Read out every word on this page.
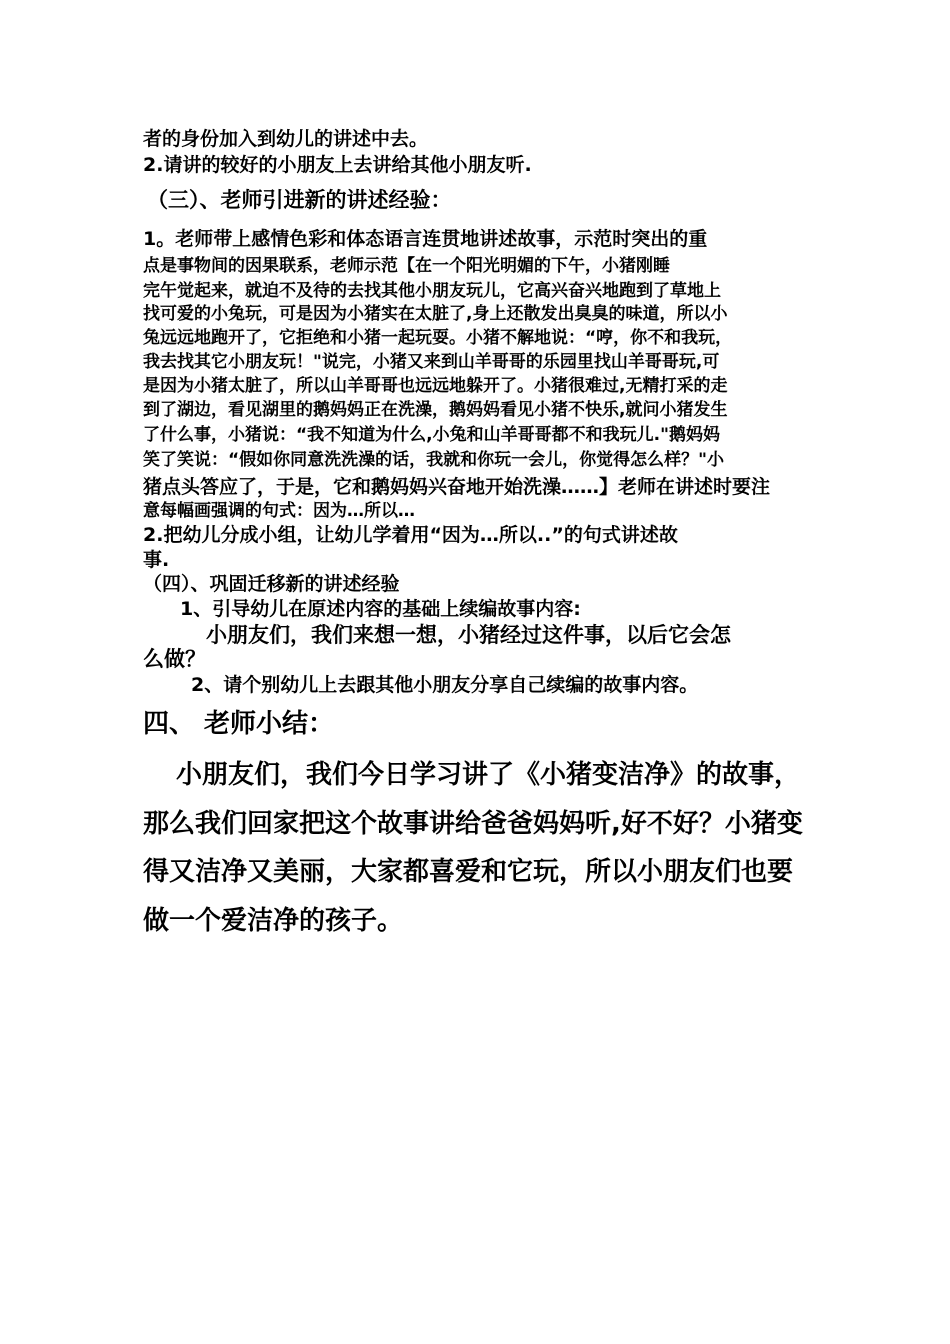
者的身份加入到幼儿的讲述中去。
2.请讲的较好的小朋友上去讲给其他小朋友听.
（三）、老师引进新的讲述经验：
1。老师带上感情色彩和体态语言连贯地讲述故事，示范时突出的重
点是事物间的因果联系，老师示范【在一个阳光明媚的下午，小猪刚睡
完午觉起来，就迫不及待的去找其他小朋友玩儿，它高兴奋兴地跑到了草地上
找可爱的小兔玩，可是因为小猪实在太脏了,身上还散发出臭臭的味道，所以小
兔远远地跑开了，它拒绝和小猪一起玩耍。小猪不解地说：“哼，你不和我玩，
我去找其它小朋友玩！"说完，小猪又来到山羊哥哥的乐园里找山羊哥哥玩,可
是因为小猪太脏了，所以山羊哥哥也远远地躲开了。小猪很难过,无精打采的走
到了湖边，看见湖里的鹅妈妈正在洗澡，鹅妈妈看见小猪不快乐,就问小猪发生
了什么事，小猪说：“我不知道为什么,小兔和山羊哥哥都不和我玩儿."鹅妈妈
笑了笑说：“假如你同意洗洗澡的话，我就和你玩一会儿，你觉得怎么样？"小
猪点头答应了，于是，它和鹅妈妈兴奋地开始洗澡……】老师在讲述时要注
意每幅画强调的句式：因为…所以…
2.把幼儿分成小组，让幼儿学着用“因为…所以..”的句式讲述故
事.
（四）、巩固迁移新的讲述经验
1、引导幼儿在原述内容的基础上续编故事内容:
小朋友们，我们来想一想，小猪经过这件事，以后它会怎
么做？
2、请个别幼儿上去跟其他小朋友分享自己续编的故事内容。
四、 老师小结：
小朋友们，我们今日学习讲了《小猪变洁净》的故事，
那么我们回家把这个故事讲给爸爸妈妈听,好不好？小猪变
得又洁净又美丽，大家都喜爱和它玩，所以小朋友们也要
做一个爱洁净的孩子。
